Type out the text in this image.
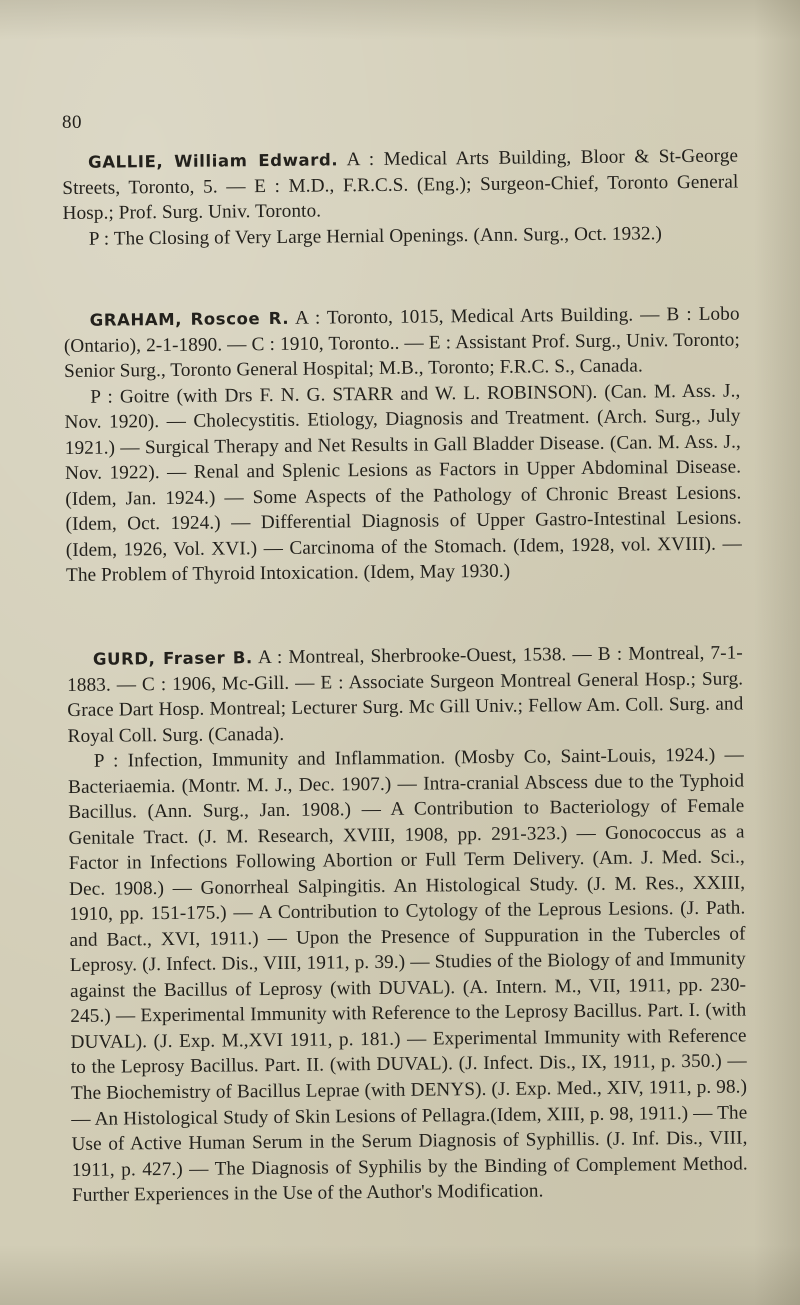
80

GALLIE, William Edward. A : Medical Arts Building, Bloor & St-George Streets, Toronto, 5. — E : M.D., F.R.C.S. (Eng.); Surgeon-Chief, Toronto General Hosp.; Prof. Surg. Univ. Toronto.

P : The Closing of Very Large Hernial Openings. (Ann. Surg., Oct. 1932.)

GRAHAM, Roscoe R. A : Toronto, 1015, Medical Arts Building. — B : Lobo (Ontario), 2-1-1890. — C : 1910, Toronto.. — E : Assistant Prof. Surg., Univ. Toronto; Senior Surg., Toronto General Hospital; M.B., Toronto; F.R.C. S., Canada.

P : Goitre (with Drs F. N. G. STARR and W. L. ROBINSON). (Can. M. Ass. J., Nov. 1920). — Cholecystitis. Etiology, Diagnosis and Treatment. (Arch. Surg., July 1921.) — Surgical Therapy and Net Results in Gall Bladder Disease. (Can. M. Ass. J., Nov. 1922). — Renal and Splenic Lesions as Factors in Upper Abdominal Disease. (Idem, Jan. 1924.) — Some Aspects of the Pathology of Chronic Breast Lesions. (Idem, Oct. 1924.) — Differential Diagnosis of Upper Gastro-Intestinal Lesions. (Idem, 1926, Vol. XVI.) — Carcinoma of the Stomach. (Idem, 1928, vol. XVIII). — The Problem of Thyroid Intoxication. (Idem, May 1930.)

GURD, Fraser B. A : Montreal, Sherbrooke-Ouest, 1538. — B : Montreal, 7-1-1883. — C : 1906, Mc-Gill. — E : Associate Surgeon Montreal General Hosp.; Surg. Grace Dart Hosp. Montreal; Lecturer Surg. Mc Gill Univ.; Fellow Am. Coll. Surg. and Royal Coll. Surg. (Canada).

P : Infection, Immunity and Inflammation. (Mosby Co, Saint-Louis, 1924.) — Bacteriaemia. (Montr. M. J., Dec. 1907.) — Intra-cranial Abscess due to the Typhoid Bacillus. (Ann. Surg., Jan. 1908.) — A Contribution to Bacteriology of Female Genitale Tract. (J. M. Research, XVIII, 1908, pp. 291-323.) — Gonococcus as a Factor in Infections Following Abortion or Full Term Delivery. (Am. J. Med. Sci., Dec. 1908.) — Gonorrheal Salpingitis. An Histological Study. (J. M. Res., XXIII, 1910, pp. 151-175.) — A Contribution to Cytology of the Leprous Lesions. (J. Path. and Bact., XVI, 1911.) — Upon the Presence of Suppuration in the Tubercles of Leprosy. (J. Infect. Dis., VIII, 1911, p. 39.) — Studies of the Biology of and Immunity against the Bacillus of Leprosy (with DUVAL). (A. Intern. M., VII, 1911, pp. 230-245.) — Experimental Immunity with Reference to the Leprosy Bacillus. Part. I. (with DUVAL). (J. Exp. M.,XVI 1911, p. 181.) — Experimental Immunity with Reference to the Leprosy Bacillus. Part. II. (with DUVAL). (J. Infect. Dis., IX, 1911, p. 350.) — The Biochemistry of Bacillus Leprae (with DENYS). (J. Exp. Med., XIV, 1911, p. 98.) — An Histological Study of Skin Lesions of Pellagra.(Idem, XIII, p. 98, 1911.) — The Use of Active Human Serum in the Serum Diagnosis of Syphillis. (J. Inf. Dis., VIII, 1911, p. 427.) — The Diagnosis of Syphilis by the Binding of Complement Method. Further Experiences in the Use of the Author's Modification.
